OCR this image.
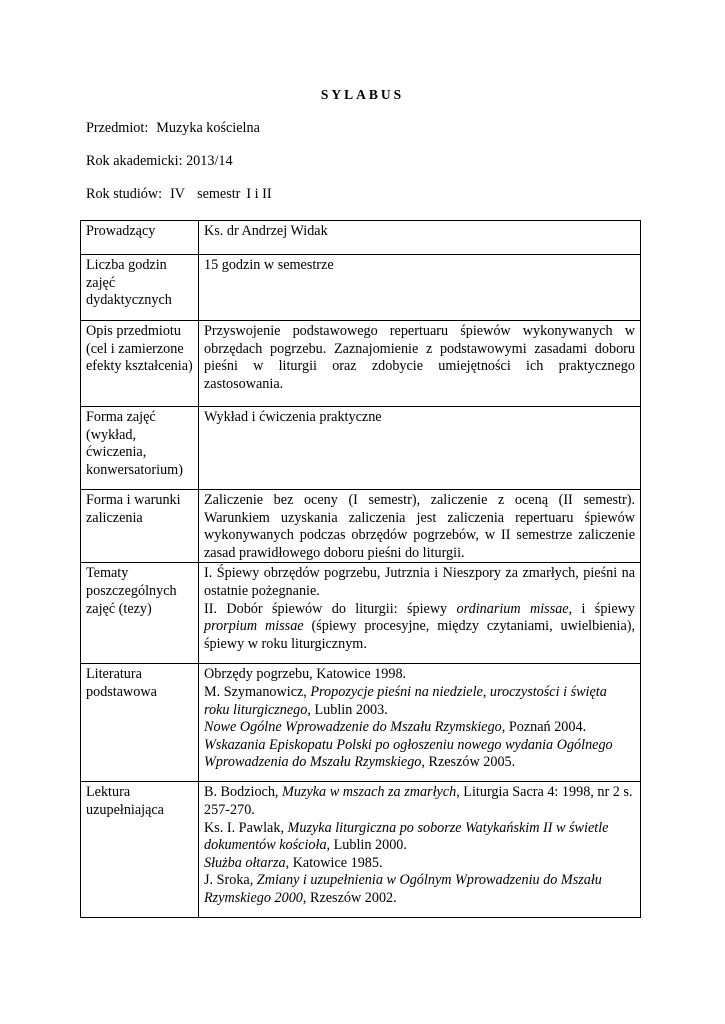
SYLABUS
Przedmiot: Muzyka kościelna
Rok akademicki: 2013/14
Rok studiów: IV semestr I i II
Prowadzący	Ks. dr Andrzej Widak
Liczba godzin zajęć dydaktycznych	15 godzin w semestrze
Opis przedmiotu (cel i zamierzone efekty kształcenia)	Przyswojenie podstawowego repertuaru śpiewów wykonywanych w obrzędach pogrzebu. Zaznajomienie z podstawowymi zasadami doboru pieśni w liturgii oraz zdobycie umiejętności ich praktycznego zastosowania.
Forma zajęć (wykład, ćwiczenia, konwersatorium)	Wykład i ćwiczenia praktyczne
Forma i warunki zaliczenia	Zaliczenie bez oceny (I semestr), zaliczenie z oceną (II semestr). Warunkiem uzyskania zaliczenia jest zaliczenia repertuaru śpiewów wykonywanych podczas obrzędów pogrzebów, w II semestrze zaliczenie zasad prawidłowego doboru pieśni do liturgii.
Tematy poszczególnych zajęć (tezy)	I. Śpiewy obrzędów pogrzebu, Jutrznia i Nieszpory za zmarłych, pieśni na ostatnie pożegnanie.
II. Dobór śpiewów do liturgii: śpiewy ordinarium missae, i śpiewy prorpium missae (śpiewy procesyjne, między czytaniami, uwielbienia), śpiewy w roku liturgicznym.

Literatura podstawowa	Obrzędy pogrzebu, Katowice 1998.
M. Szymanowicz, Propozycje pieśni na niedziele, uroczystości i święta roku liturgicznego, Lublin 2003.
Nowe Ogólne Wprowadzenie do Mszału Rzymskiego, Poznań 2004.
Wskazania Episkopatu Polski po ogłoszeniu nowego wydania Ogólnego Wprowadzenia do Mszału Rzymskiego, Rzeszów 2005.

Lektura uzupełniająca	B. Bodzioch, Muzyka w mszach za zmarłych, Liturgia Sacra 4: 1998, nr 2 s. 257-270.
Ks. I. Pawlak, Muzyka liturgiczna po soborze Watykańskim II w świetle dokumentów kościoła, Lublin 2000.
Służba ołtarza, Katowice 1985.
J. Sroka, Zmiany i uzupełnienia w Ogólnym Wprowadzeniu do Mszału Rzymskiego 2000, Rzeszów 2002.
